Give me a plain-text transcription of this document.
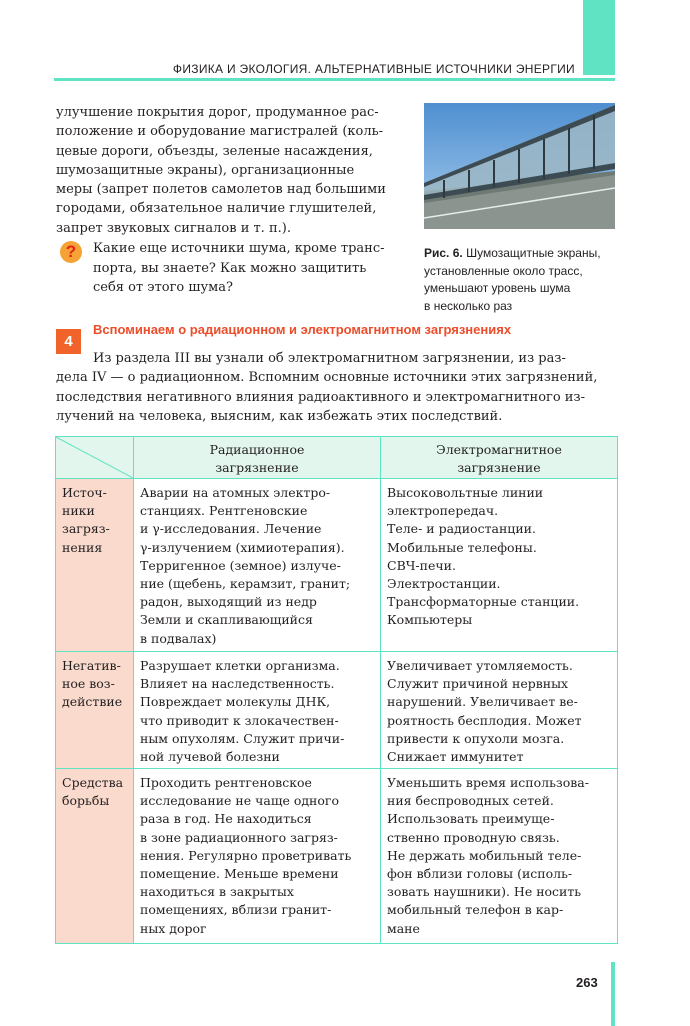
ФИЗИКА И ЭКОЛОГИЯ. АЛЬТЕРНАТИВНЫЕ ИСТОЧНИКИ ЭНЕРГИИ
улучшение покрытия дорог, продуманное рас-
положение и оборудование магистралей (коль-
цевые дороги, объезды, зеленые насаждения,
шумозащитные экраны), организационные
меры (запрет полетов самолетов над большими
городами, обязательное наличие глушителей,
запрет звуковых сигналов и т. п.).
Рис. 6. Шумозащитные экраны,
установленные около трасс,
уменьшают уровень шума
в несколько раз
?	Какие еще источники шума, кроме транс-
порта, вы знаете? Как можно защитить
себя от этого шума?
4
Вспоминаем о радиационном и электромагнитном загрязнениях
Из раздела III вы узнали об электромагнитном загрязнении, из раз-
дела IV — о радиационном. Вспомним основные источники этих загрязнений,
последствия негативного влияния радиоактивного и электромагнитного из-
лучений на человека, выясним, как избежать этих последствий.
Радиационное
загрязнение
Электромагнитное
загрязнение
Источ-
ники
загряз-
нения
Аварии на атомных электро-
станциях. Рентгеновские
и γ-исследования. Лечение
γ-излучением (химиотерапия).
Терригенное (земное) излуче-
ние (щебень, керамзит, гранит;
радон, выходящий из недр
Земли и скапливающийся
в подвалах)
Высоковольтные линии
электропередач.
Теле- и радиостанции.
Мобильные телефоны.
СВЧ-печи.
Электростанции.
Трансформаторные станции.
Компьютеры
Негатив-
ное воз-
действие
Разрушает клетки организма.
Влияет на наследственность.
Повреждает молекулы ДНК,
что приводит к злокачествен-
ным опухолям. Служит причи-
ной лучевой болезни
Увеличивает утомляемость.
Служит причиной нервных
нарушений. Увеличивает ве-
роятность бесплодия. Может
привести к опухоли мозга.
Снижает иммунитет
Средства
борьбы
Проходить рентгеновское
исследование не чаще одного
раза в год. Не находиться
в зоне радиационного загряз-
нения. Регулярно проветривать
помещение. Меньше времени
находиться в закрытых
помещениях, вблизи гранит-
ных дорог
Уменьшить время использова-
ния беспроводных сетей.
Использовать преимуще-
ственно проводную связь.
Не держать мобильный теле-
фон вблизи головы (исполь-
зовать наушники). Не носить
мобильный телефон в кар-
мане
263
